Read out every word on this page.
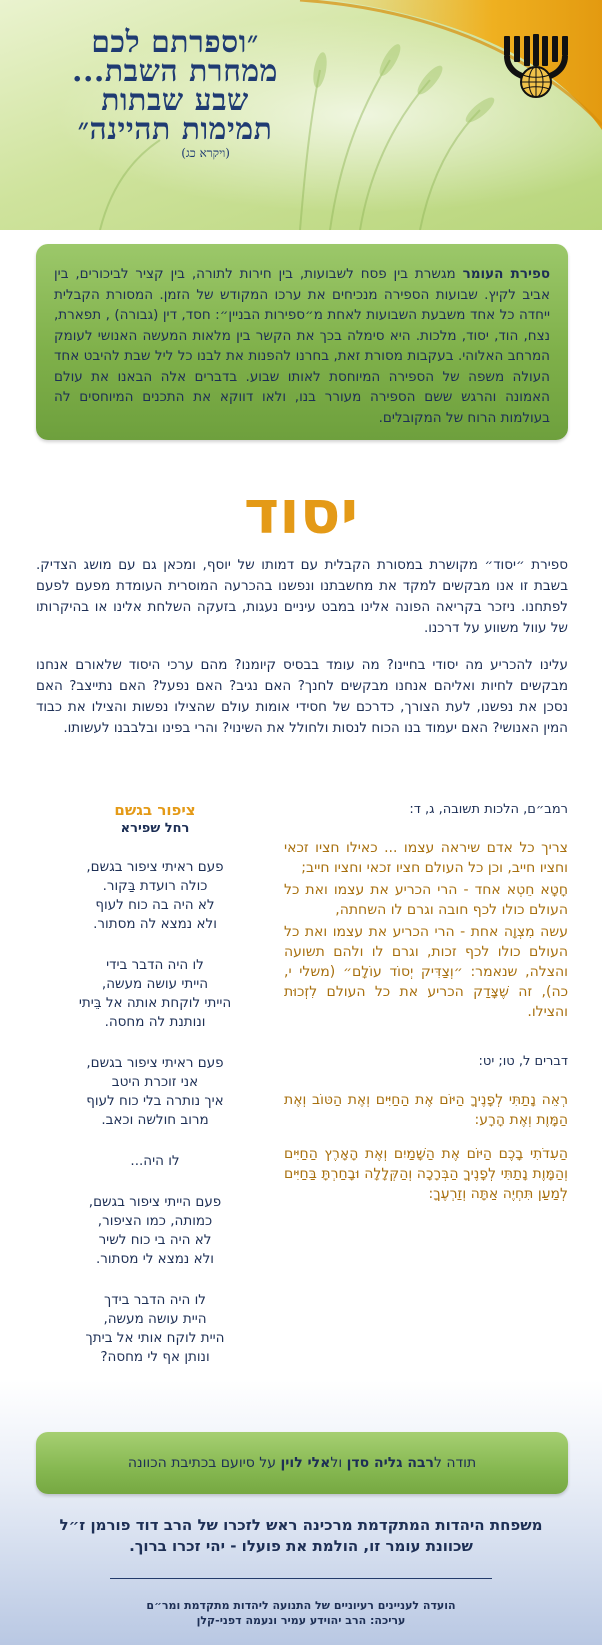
״וספרתם לכם
ממחרת השבת...
שבע שבתות
תמימות תהיינה״
(ויקרא כג)

ספירת העומר מגשרת בין פסח לשבועות, בין חירות לתורה, בין קציר לביכורים, בין אביב לקיץ. שבועות הספירה מנכיחים את ערכו המקודש של הזמן. המסורת הקבלית ייחדה כל אחד משבעת השבועות לאחת מ״ספירות הבניין״: חסד, דין (גבורה) , תפארת, נצח, הוד, יסוד, מלכות. היא סימלה בכך את הקשר בין מלאות המעשה האנושי לעומק המרחב האלוהי. בעקבות מסורת זאת, בחרנו להפנות את לבנו כל ליל שבת להיבט אחד העולה משפה של הספירה המיוחסת לאותו שבוע. בדברים אלה הבאנו את עולם האמונה והרגש ששם הספירה מעורר בנו, ולאו דווקא את התכנים המיוחסים לה בעולמות הרוח של המקובלים.

יסוד

ספירת ״יסוד״ מקושרת במסורת הקבלית עם דמותו של יוסף, ומכאן גם עם מושג הצדיק. בשבת זו אנו מבקשים למקד את מחשבתנו ונפשנו בהכרעה המוסרית העומדת מפעם לפעם לפתחנו. ניזכר בקריאה הפונה אלינו במבט עיניים נעגות, בזעקה השלחת אלינו או בהיקרותו של עוול משווע על דרכנו.

עלינו להכריע מה יסודי בחיינו? מה עומד בבסיס קיומנו? מהם ערכי היסוד שלאורם אנחנו מבקשים לחיות ואליהם אנחנו מבקשים לחנך? האם נגיב? האם נפעל? האם נתייצב? האם נסכן את נפשנו, לעת הצורך, כדרכם של חסידי אומות עולם שהצילו נפשות והצילו את כבוד המין האנושי? האם יעמוד בנו הכוח לנסות ולחולל את השינוי? והרי בפינו ובלבבנו לעשותו.

רמב״ם, הלכות תשובה, ג, ד:

צריך כל אדם שיראה עצמו ... כאילו חציו זכאי וחציו חייב, וכן כל העולם חציו זכאי וחציו חייב;

חָטָא חֵטְא אחד - הרי הכריע את עצמו ואת כל העולם כולו לכף חובה וגרם לו השחתה,

עשה מִצְוָה אחת - הרי הכריע את עצמו ואת כל העולם כולו לכף זכות, וגרם לו ולהם תשועה והצלה, שנאמר: ״וְצַדִּיק יְסוֹד עוֹלָם״ (משלי י, כה), זה שֶׁצָּדַק הכריע את כל העולם לִזְכוּת והצילו.

דברים ל, טו; יט:

רְאֵה נָתַתִּי לְפָנֶיךָ הַיּוֹם אֶת הַחַיִּים וְאֶת הַטּוֹב וְאֶת הַמָּוֶת וְאֶת הָרָע:

הַעִדֹתִי בָכֶם הַיּוֹם אֶת הַשָּׁמַיִם וְאֶת הָאָרֶץ הַחַיִּים וְהַמָּוֶת נָתַתִּי לְפָנֶיךָ הַבְּרָכָה וְהַקְּלָלָה וּבָחַרְתָּ בַּחַיִּים לְמַעַן תִּחְיֶה אַתָּה וְזַרְעֶךָ:

ציפור בגשם
רחל שפירא
פעם ראיתי ציפור בגשם,
כולה רועדת בַּקור.
לא היה בה כוח לעוף
ולא נמצא לה מסתור.
לו היה הדבר בידי
הייתי עושה מעשה,
הייתי לוקחת אותה אל בֵּיתי
ונותנת לה מחסה.
פעם ראיתי ציפור בגשם,
אני זוכרת היטב
איך נותרה בלי כוח לעוף
מרוב חולשה וכאב.
לו היה...
פעם הייתי ציפור בגשם,
כמותה, כמו הציפור,
לא היה בי כוח לשיר
ולא נמצא לי מסתור.
לו היה הדבר בידך
היית עושה מעשה,
היית לוקח אותי אל ביתך
ונותן אף לי מחסה?
תודה לרבה גליה סדן ולאלי לוין על סיועם בכתיבת הכוונה
משפחת היהדות המתקדמת מרכינה ראש לזכרו של הרב דוד פורמן ז״ל
שכוונת עומר זו, הולמת את פועלו - יהי זכרו ברוך.
הועדה לעניינים רעיוניים של התנועה ליהדות מתקדמת ומר״ם
עריכה: הרב יהוידע עמיר ונעמה דפני-קלן
